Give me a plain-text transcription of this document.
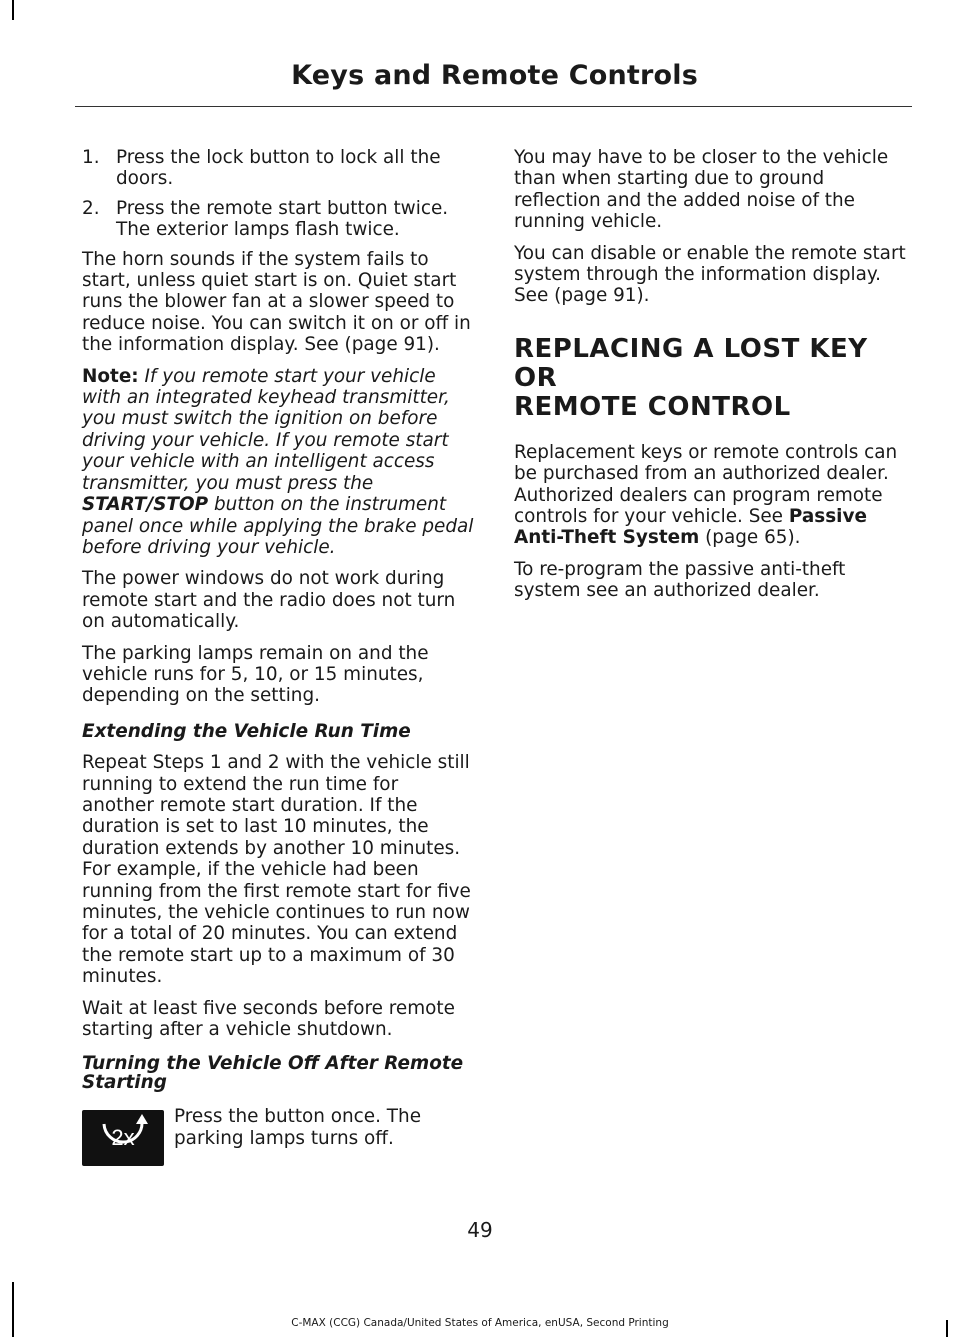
Keys and Remote Controls
1. Press the lock button to lock all the doors.
2. Press the remote start button twice. The exterior lamps flash twice.

The horn sounds if the system fails to start, unless quiet start is on. Quiet start runs the blower fan at a slower speed to reduce noise. You can switch it on or off in the information display. See (page 91).

Note: If you remote start your vehicle with an integrated keyhead transmitter, you must switch the ignition on before driving your vehicle. If you remote start your vehicle with an intelligent access transmitter, you must press the START/STOP button on the instrument panel once while applying the brake pedal before driving your vehicle.

The power windows do not work during remote start and the radio does not turn on automatically.

The parking lamps remain on and the vehicle runs for 5, 10, or 15 minutes, depending on the setting.

Extending the Vehicle Run Time

Repeat Steps 1 and 2 with the vehicle still running to extend the run time for another remote start duration. If the duration is set to last 10 minutes, the duration extends by another 10 minutes. For example, if the vehicle had been running from the first remote start for five minutes, the vehicle continues to run now for a total of 20 minutes. You can extend the remote start up to a maximum of 30 minutes.

Wait at least five seconds before remote starting after a vehicle shutdown.

Turning the Vehicle Off After Remote Starting

2x
Press the button once. The parking lamps turns off.

You may have to be closer to the vehicle than when starting due to ground reflection and the added noise of the running vehicle.

You can disable or enable the remote start system through the information display. See (page 91).

REPLACING A LOST KEY OR
REMOTE CONTROL

Replacement keys or remote controls can be purchased from an authorized dealer. Authorized dealers can program remote controls for your vehicle. See Passive Anti-Theft System (page 65).

To re-program the passive anti-theft system see an authorized dealer.

49
C-MAX (CCG) Canada/United States of America, enUSA, Second Printing
